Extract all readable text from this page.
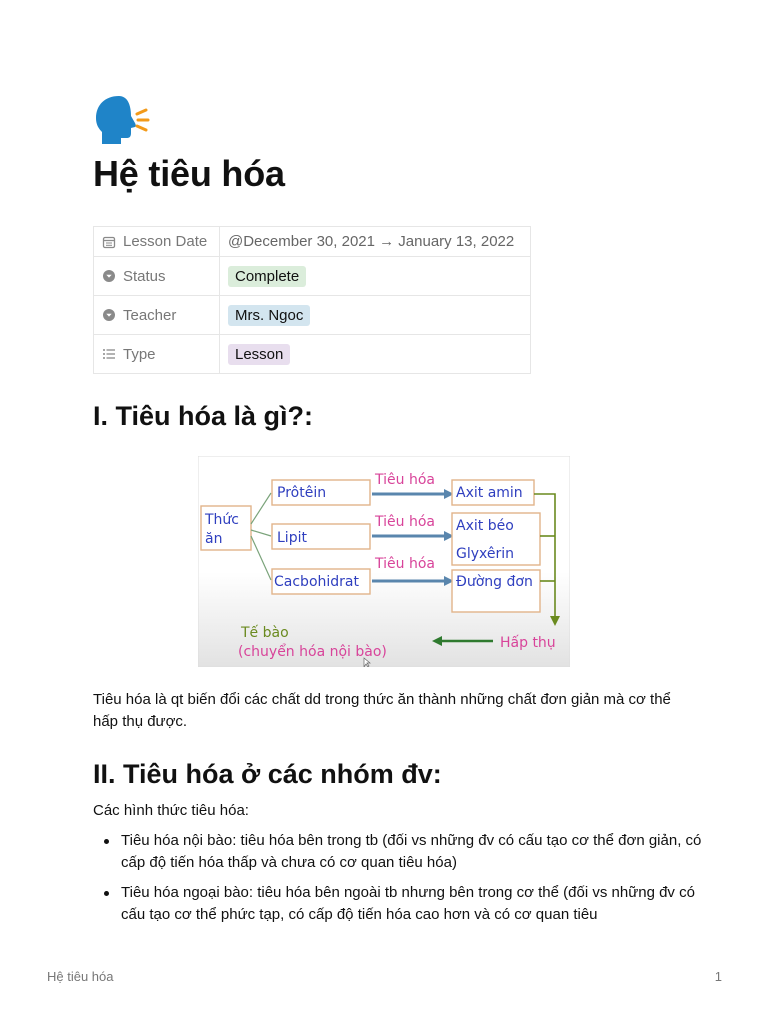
Hệ tiêu hóa
Lesson Date	@December 30, 2021 → January 13, 2022

Status	Complete

Teacher	Mrs. Ngoc

Type	Lesson
I. Tiêu hóa là gì?:
Thức ăn
Prôtêin
Lipit
Cacbohidrat
Tiêu hóa
Tiêu hóa
Tiêu hóa
Axit amin
Axit béo
Glyxêrin
Đường đơn
Hấp thụ
Tế bào
(chuyển hóa nội bào)

Tiêu hóa là qt biến đổi các chất dd trong thức ăn thành những chất đơn giản mà cơ thể hấp thụ được.

II. Tiêu hóa ở các nhóm đv:

Các hình thức tiêu hóa:

Tiêu hóa nội bào: tiêu hóa bên trong tb (đối vs những đv có cấu tạo cơ thể đơn giản, có cấp độ tiến hóa thấp và chưa có cơ quan tiêu hóa)
Tiêu hóa ngoại bào: tiêu hóa bên ngoài tb nhưng bên trong cơ thể (đối vs những đv có cấu tạo cơ thể phức tạp, có cấp độ tiến hóa cao hơn và có cơ quan tiêu
Hệ tiêu hóa	1
